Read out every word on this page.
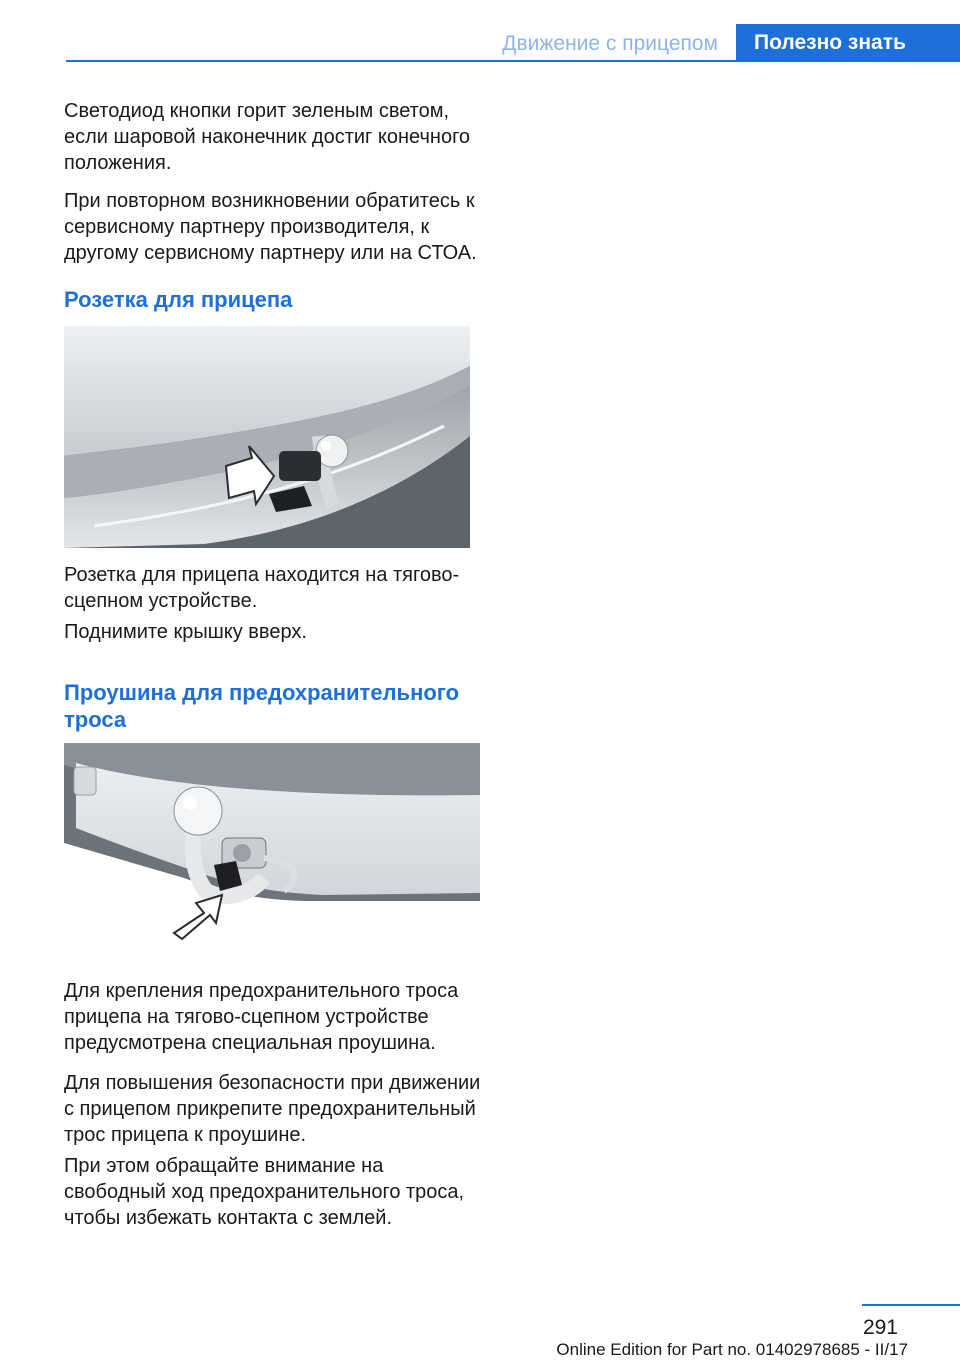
Движение с прицепом	Полезно знать

Светодиод кнопки горит зеленым светом, если шаровой наконечник достиг конечного положения.

При повторном возникновении обратитесь к сервисному партнеру производителя, к другому сервисному партнеру или на СТОА.

Розетка для прицепа

Розетка для прицепа находится на тягово-сцепном устройстве.

Поднимите крышку вверх.

Проушина для предохранительного троса

Для крепления предохранительного троса прицепа на тягово-сцепном устройстве предусмотрена специальная проушина.

Для повышения безопасности при движении с прицепом прикрепите предохранительный трос прицепа к проушине.

При этом обращайте внимание на свободный ход предохранительного троса, чтобы избежать контакта с землей.

291
Online Edition for Part no. 01402978685 - II/17
